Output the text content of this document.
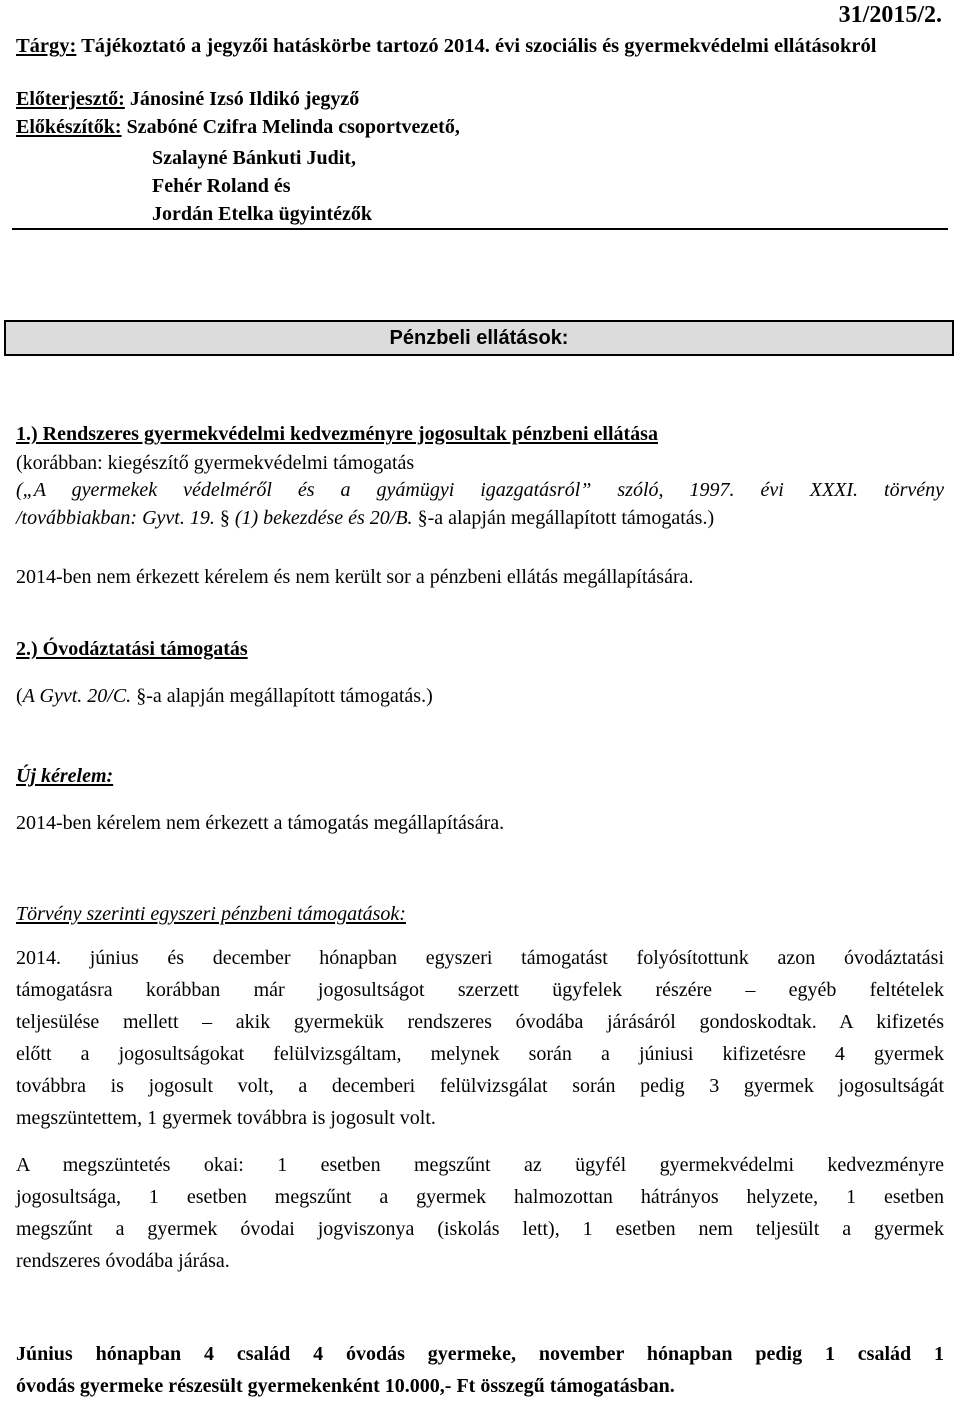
31/2015/2.
Tárgy: Tájékoztató a jegyzői hatáskörbe tartozó 2014. évi szociális és gyermekvédelmi ellátásokról
Előterjesztő: Jánosiné Izsó Ildikó jegyző
Előkészítők: Szabóné Czifra Melinda csoportvezető,
Szalayné Bánkuti Judit,
Fehér Roland és
Jordán Etelka ügyintézők
Pénzbeli ellátások:
1.) Rendszeres gyermekvédelmi kedvezményre jogosultak pénzbeni ellátása
(korábban: kiegészítő gyermekvédelmi támogatás
(„A gyermekek védelméről és a gyámügyi igazgatásról” szóló, 1997. évi XXXI. törvény
/továbbiakban: Gyvt. 19. § (1) bekezdése és 20/B. §-a alapján megállapított támogatás.)
2014-ben nem érkezett kérelem és nem került sor a pénzbeni ellátás megállapítására.
2.) Óvodáztatási támogatás
(A Gyvt. 20/C. §-a alapján megállapított támogatás.)
Új kérelem:
2014-ben kérelem nem érkezett a támogatás megállapítására.
Törvény szerinti egyszeri pénzbeni támogatások:
2014. június és december hónapban egyszeri támogatást folyósítottunk azon óvodáztatási
támogatásra korábban már jogosultságot szerzett ügyfelek részére – egyéb feltételek
teljesülése mellett – akik gyermekük rendszeres óvodába járásáról gondoskodtak. A kifizetés
előtt a jogosultságokat felülvizsgáltam, melynek során a júniusi kifizetésre 4 gyermek
továbbra is jogosult volt, a decemberi felülvizsgálat során pedig 3 gyermek jogosultságát
megszüntettem, 1 gyermek továbbra is jogosult volt.
A megszüntetés okai: 1 esetben megszűnt az ügyfél gyermekvédelmi kedvezményre
jogosultsága, 1 esetben megszűnt a gyermek halmozottan hátrányos helyzete, 1 esetben
megszűnt a gyermek óvodai jogviszonya (iskolás lett), 1 esetben nem teljesült a gyermek
rendszeres óvodába járása.
Június hónapban 4 család 4 óvodás gyermeke, november hónapban pedig 1 család 1
óvodás gyermeke részesült gyermekenként 10.000,- Ft összegű támogatásban.
